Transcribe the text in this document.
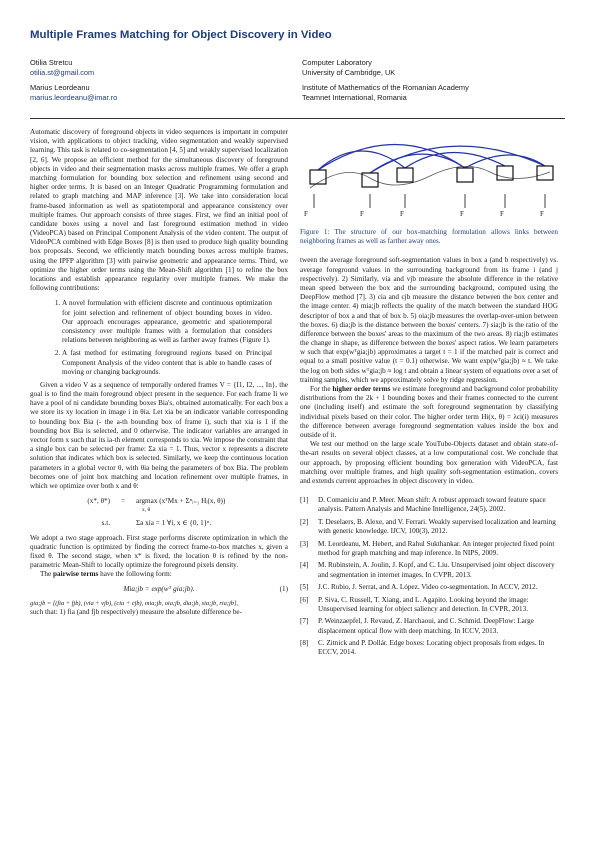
Multiple Frames Matching for Object Discovery in Video
Otilia Stretcu
otilia.st@gmail.com
Computer Laboratory
University of Cambridge, UK
Marius Leordeanu
marius.leordeanu@imar.ro
Institute of Mathematics of the Romanian Academy
Teamnet International, Romania

Automatic discovery of foreground objects in video sequences is important in computer vision, with applications to object tracking, video segmentation and weakly supervised learning. This task is related to co-segmentation [4, 5] and weakly supervised localization [2, 6]. We propose an efficient method for the simultaneous discovery of foreground objects in video and their segmentation masks across multiple frames. We offer a graph matching formulation for bounding box selection and refinement using second and higher order terms. It is based on an Integer Quadratic Programming formulation and related to graph matching and MAP inference [3]. We take into consideration local frame-based information as well as spatiotemporal and appearance consistency over multiple frames. Our approach consists of three stages. First, we find an initial pool of candidate boxes using a novel and fast foreground estimation method in video (VideoPCA) based on Principal Component Analysis of the video content. The output of VideoPCA combined with Edge Boxes [8] is then used to produce high quality bounding box proposals. Second, we efficiently match bounding boxes across multiple frames, using the IPFP algorithm [3] with pairwise geometric and appearance terms. Third, we optimize the higher order terms using the Mean-Shift algorithm [1] to refine the box locations and establish appearance regularity over multiple frames. We make the following contributions:

1. A novel formulation with efficient discrete and continuous optimization for joint selection and refinement of object bounding boxes in video. Our approach encourages appearance, geometric and spatiotemporal consistency over multiple frames with a formulation that considers relations between neighboring as well as farther away frames (Figure 1).
2. A fast method for estimating foreground regions based on Principal Component Analysis of the video content that is able to handle cases of moving or changing backgrounds.

Given a video V as a sequence of temporally ordered frames V = {I1, I2, ..., In}, the goal is to find the main foreground object present in the sequence. For each frame Ii we have a pool of ni candidate bounding boxes Bia's, obtained automatically. For each box a we store its xy location in image i in θia. Let xia be an indicator variable corresponding to bounding box Bia (- the a-th bounding box of frame i), such that xia is 1 if the bounding box Bia is selected, and 0 otherwise. The indicator variables are arranged in vector form x such that its ia-th element corresponds to xia. We impose the constraint that a single box can be selected per frame: Σa xia = 1. Thus, vector x represents a discrete solution that indicates which box is selected. Similarly, we keep the continuous location parameters in a global vector θ, with θia being the parameters of box Bia. The problem becomes one of joint box matching and location refinement over multiple frames, in which we optimize over both x and θ:

(x*, θ*)	=	argmax (xᵀMx + Σⁿᵢ₌₁ Hᵢ(x, θ))
x, θ
s.t.	Σa xia = 1 ∀i, x ∈ {0, 1}ⁿ.

We adopt a two stage approach. First stage performs discrete optimization in which the quadratic function is optimized by finding the correct frame-to-box matches x, given a fixed θ. The second stage, when x* is fixed, the location θ is refined by the non-parametric Mean-Shift to locally optimize the foreground pixels density.

The pairwise terms have the following form:

Mia;jb = exp(wᵀ gia;jb).	(1)

gia;jb = [(fia + fjb), (via + vjb), (cia + cjb), mia;jb, oia;jb, dia;jb, sia;jb, ria;jb],

such that: 1) fia (and fjb respectively) measure the absolute difference be-

F	F	F	F	F	F

Figure 1: The structure of our box-matching formulation allows links between neighboring frames as well as farther away ones.

tween the average foreground soft-segmentation values in box a (and b respectively) vs. average foreground values in the surrounding background from its frame i (and j respectively). 2) Similarly, via and vjb measure the absolute difference in the relative mean speed between the box and the surrounding background, computed using the DeepFlow method [7]. 3) cia and cjb measure the distance between the box center and the image center. 4) mia;jb reflects the quality of the match between the standard HOG descriptor of box a and that of box b. 5) oia;jb measures the overlap-over-union between the boxes. 6) dia;jb is the distance between the boxes' centers. 7) sia;jb is the ratio of the difference between the boxes' areas to the maximum of the two areas. 8) ria;jb estimates the change in shape, as difference between the boxes' aspect ratios. We learn parameters w such that exp(wᵀgia;jb) approximates a target t = 1 if the matched pair is correct and equal to a small positive value (t = 0.1) otherwise. We want exp(wᵀgia;jb) ≈ t. We take the log on both sides wᵀgia;jb ≈ log t and obtain a linear system of equations over a set of training samples, which we approximately solve by ridge regression.

For the higher order terms we estimate foreground and background color probability distributions from the 2k + 1 bounding boxes and their frames connected to the current one (including itself) and estimate the soft foreground segmentation by classifying individual pixels based on their color. The higher order term Hi(x, θ) = λci(i) measures the difference between average foreground segmentation values inside the box and outside of it.

We test our method on the large scale YouTube-Objects dataset and obtain state-of-the-art results on several object classes, at a low computational cost. We conclude that our approach, by proposing efficient bounding box generation with VideoPCA, fast matching over multiple frames, and high quality soft-segmentation estimation, covers and extends current approaches in object discovery in video.

[1] D. Comaniciu and P. Meer. Mean shift: A robust approach toward feature space analysis. Pattern Analysis and Machine Intelligence, 24(5), 2002.
[2] T. Deselaers, B. Alexe, and V. Ferrari. Weakly supervised localization and learning with generic knowledge. IJCV, 100(3), 2012.
[3] M. Leordeanu, M. Hebert, and Rahul Sukthankar. An integer projected fixed point method for graph matching and map inference. In NIPS, 2009.
[4] M. Rubinstein, A. Joulin, J. Kopf, and C. Liu. Unsupervised joint object discovery and segmentation in internet images. In CVPR, 2013.
[5] J.C. Rubio, J. Serrat, and A. López. Video co-segmentation. In ACCV, 2012.
[6] P. Siva, C. Russell, T. Xiang, and L. Agapito. Looking beyond the image: Unsupervised learning for object saliency and detection. In CVPR, 2013.
[7] P. Weinzaepfel, J. Revaud, Z. Harchaoui, and C. Schmid. DeepFlow: Large displacement optical flow with deep matching. In ICCV, 2013.
[8] C. Zitnick and P. Dollár. Edge boxes: Locating object proposals from edges. In ECCV, 2014.
